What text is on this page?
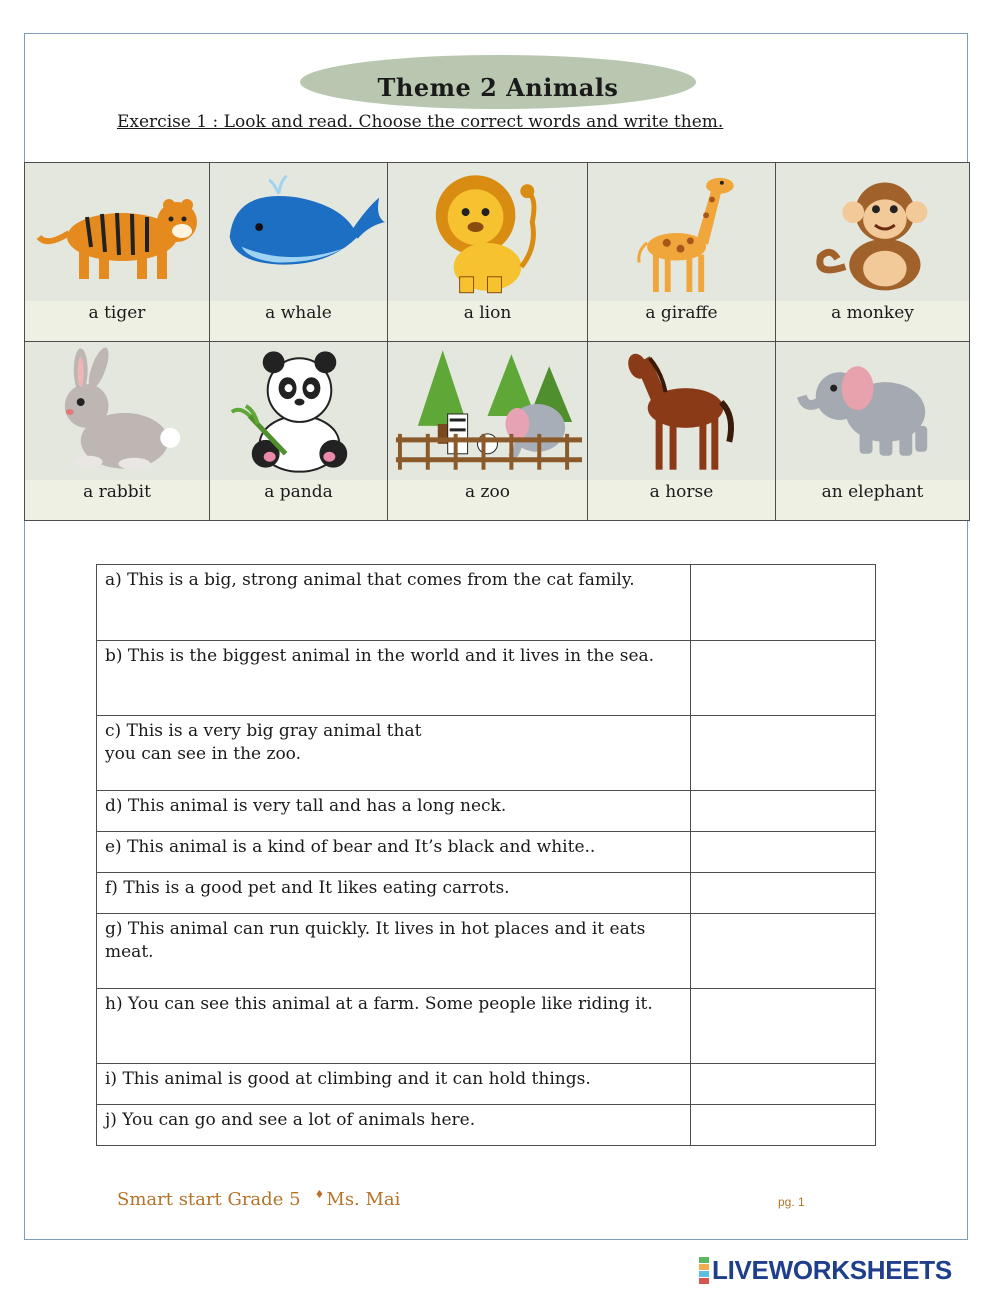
Theme 2 Animals
Exercise 1 : Look and read. Choose the correct words and write them.
a tiger	a whale	a lion	a giraffe	a monkey

a rabbit	a panda	a zoo	a horse	an elephant
a) This is a big, strong animal that comes from the cat family.	

b) This is the biggest animal in the world and it lives in the sea.	

c) This is a very big gray animal that
you can see in the zoo.	

d) This animal is very tall and has a long neck.	

e) This animal is a kind of bear and It’s black and white..	

f) This is a good pet and It likes eating carrots.	

g) This animal can run quickly. It lives in hot places and it eats meat.	

h) You can see this animal at a farm. Some people like riding it.	

i) This animal is good at climbing and it can hold things.	

j) You can go and see a lot of animals here.	
Smart start Grade 5 ♦ Ms. Mai	pg. 1
LIVEWORKSHEETS
